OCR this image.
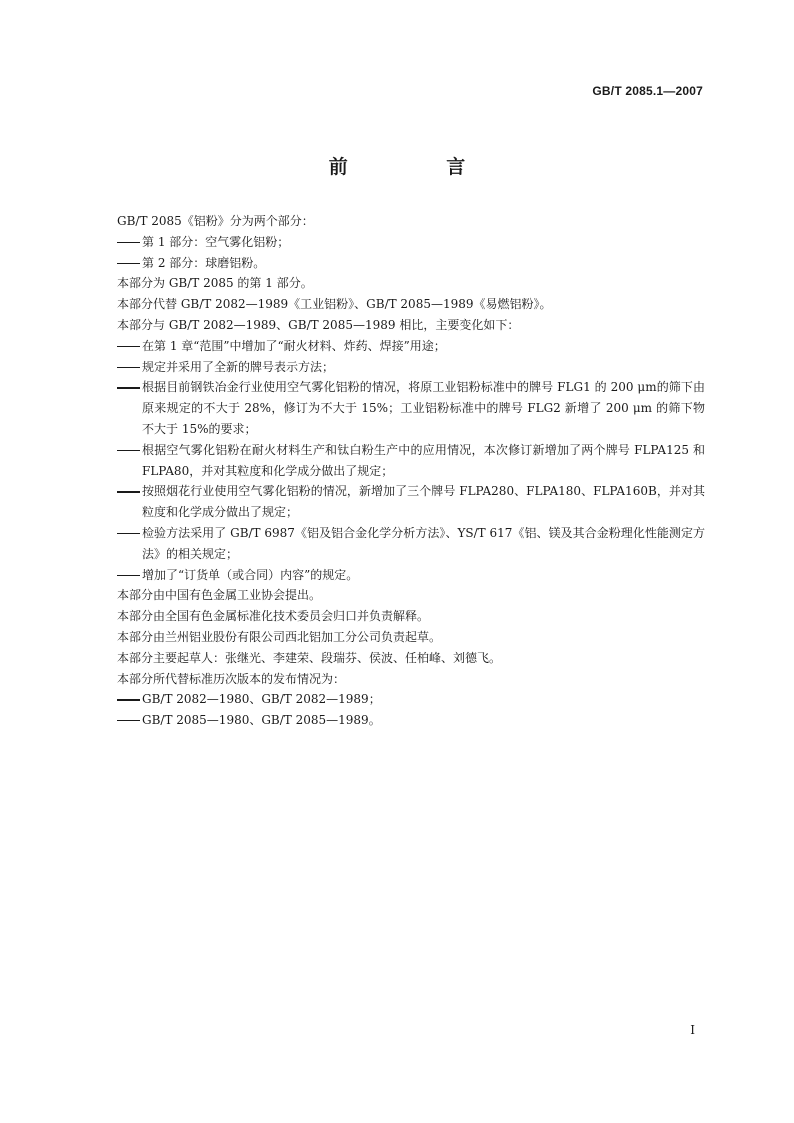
GB/T 2085.1—2007
前 言
GB/T 2085《铝粉》分为两个部分：
第 1 部分：空气雾化铝粉；
第 2 部分：球磨铝粉。
本部分为 GB/T 2085 的第 1 部分。
本部分代替 GB/T 2082—1989《工业铝粉》、GB/T 2085—1989《易燃铝粉》。
本部分与 GB/T 2082—1989、GB/T 2085—1989 相比，主要变化如下：
在第 1 章“范围”中增加了“耐火材料、炸药、焊接”用途；
规定并采用了全新的牌号表示方法；
根据目前钢铁冶金行业使用空气雾化铝粉的情况，将原工业铝粉标准中的牌号 FLG1 的 200 μm的筛下由原来规定的不大于 28%，修订为不大于 15%；工业铝粉标准中的牌号 FLG2 新增了 200 μm 的筛下物不大于 15%的要求；
根据空气雾化铝粉在耐火材料生产和钛白粉生产中的应用情况，本次修订新增加了两个牌号 FLPA125 和 FLPA80，并对其粒度和化学成分做出了规定；
按照烟花行业使用空气雾化铝粉的情况，新增加了三个牌号 FLPA280、FLPA180、FLPA160B，并对其粒度和化学成分做出了规定；
检验方法采用了 GB/T 6987《铝及铝合金化学分析方法》、YS/T 617《铝、镁及其合金粉理化性能测定方法》的相关规定；
增加了“订货单（或合同）内容”的规定。
本部分由中国有色金属工业协会提出。
本部分由全国有色金属标准化技术委员会归口并负责解释。
本部分由兰州铝业股份有限公司西北铝加工分公司负责起草。
本部分主要起草人：张继光、李建荣、段瑞芬、侯波、任柏峰、刘德飞。
本部分所代替标准历次版本的发布情况为：
GB/T 2082—1980、GB/T 2082—1989；
GB/T 2085—1980、GB/T 2085—1989。
I
